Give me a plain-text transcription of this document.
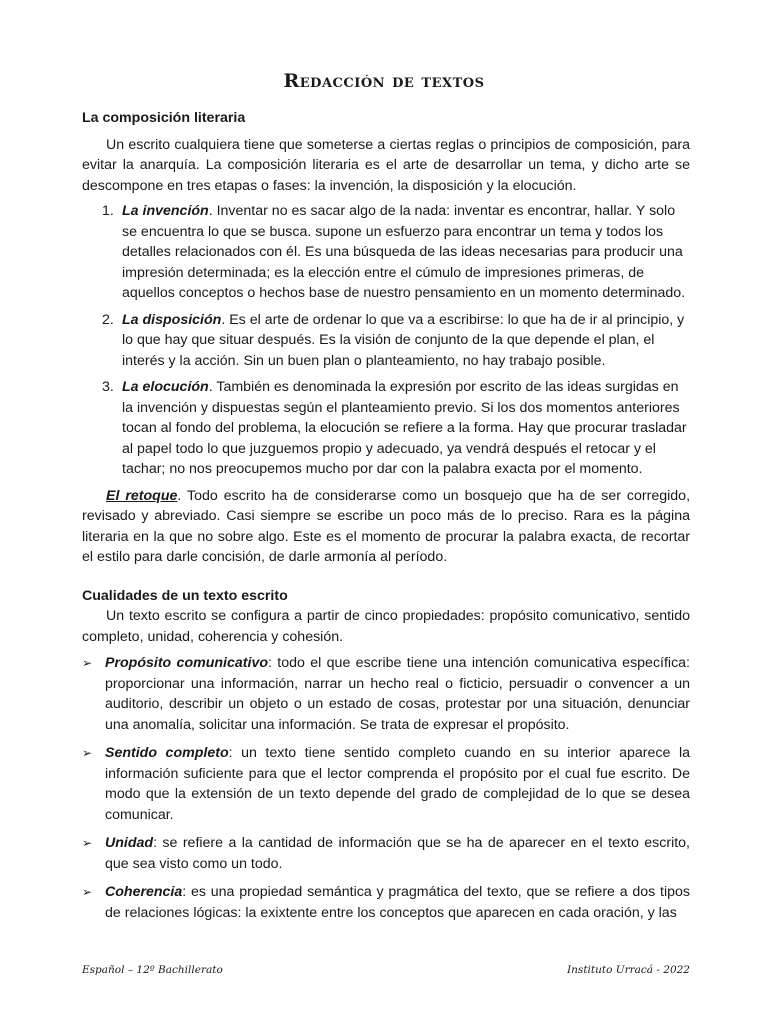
Redacción de textos

La composición literaria

Un escrito cualquiera tiene que someterse a ciertas reglas o principios de composición, para evitar la anarquía. La composición literaria es el arte de desarrollar un tema, y dicho arte se descompone en tres etapas o fases: la invención, la disposición y la elocución.

1. La invención. Inventar no es sacar algo de la nada: inventar es encontrar, hallar. Y solo se encuentra lo que se busca. supone un esfuerzo para encontrar un tema y todos los detalles relacionados con él. Es una búsqueda de las ideas necesarias para producir una impresión determinada; es la elección entre el cúmulo de impresiones primeras, de aquellos conceptos o hechos base de nuestro pensamiento en un momento determinado.
2. La disposición. Es el arte de ordenar lo que va a escribirse: lo que ha de ir al principio, y lo que hay que situar después. Es la visión de conjunto de la que depende el plan, el interés y la acción. Sin un buen plan o planteamiento, no hay trabajo posible.
3. La elocución. También es denominada la expresión por escrito de las ideas surgidas en la invención y dispuestas según el planteamiento previo. Si los dos momentos anteriores tocan al fondo del problema, la elocución se refiere a la forma. Hay que procurar trasladar al papel todo lo que juzguemos propio y adecuado, ya vendrá después el retocar y el tachar; no nos preocupemos mucho por dar con la palabra exacta por el momento.

El retoque. Todo escrito ha de considerarse como un bosquejo que ha de ser corregido, revisado y abreviado. Casi siempre se escribe un poco más de lo preciso. Rara es la página literaria en la que no sobre algo. Este es el momento de procurar la palabra exacta, de recortar el estilo para darle concisión, de darle armonía al período.

Cualidades de un texto escrito

Un texto escrito se configura a partir de cinco propiedades: propósito comunicativo, sentido completo, unidad, coherencia y cohesión.

➢ Propósito comunicativo: todo el que escribe tiene una intención comunicativa específica: proporcionar una información, narrar un hecho real o ficticio, persuadir o convencer a un auditorio, describir un objeto o un estado de cosas, protestar por una situación, denunciar una anomalía, solicitar una información. Se trata de expresar el propósito.
➢ Sentido completo: un texto tiene sentido completo cuando en su interior aparece la información suficiente para que el lector comprenda el propósito por el cual fue escrito. De modo que la extensión de un texto depende del grado de complejidad de lo que se desea comunicar.
➢ Unidad: se refiere a la cantidad de información que se ha de aparecer en el texto escrito, que sea visto como un todo.
➢ Coherencia: es una propiedad semántica y pragmática del texto, que se refiere a dos tipos de relaciones lógicas: la exixtente entre los conceptos que aparecen en cada oración, y las
Español – 12º Bachillerato	Instituto Urracá - 2022
